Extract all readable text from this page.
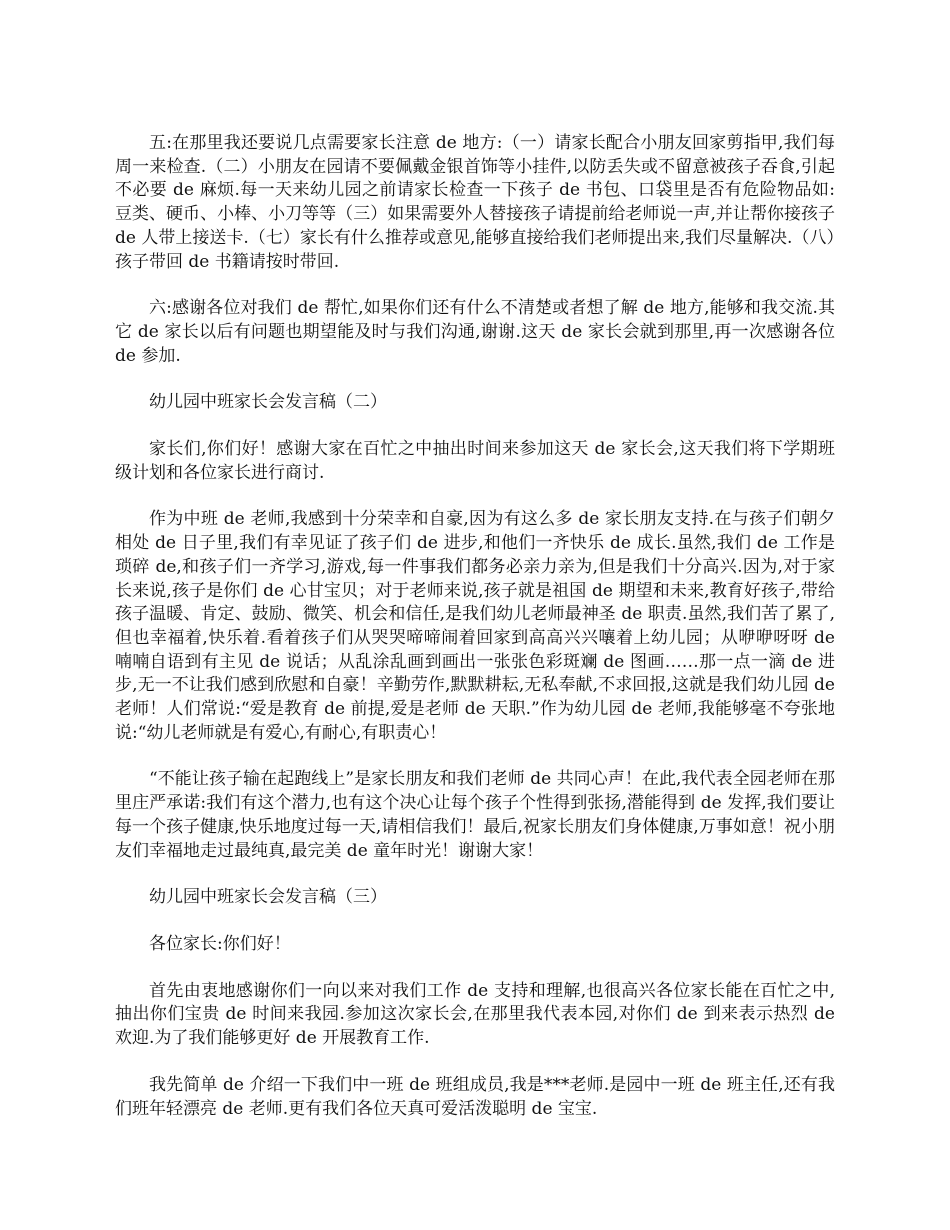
五:在那里我还要说几点需要家长注意 de 地方:（一）请家长配合小朋友回家剪指甲,我们每周一来检查.（二）小朋友在园请不要佩戴金银首饰等小挂件,以防丢失或不留意被孩子吞食,引起不必要 de 麻烦.每一天来幼儿园之前请家长检查一下孩子 de 书包、口袋里是否有危险物品如:豆类、硬币、小棒、小刀等等（三）如果需要外人替接孩子请提前给老师说一声,并让帮你接孩子 de 人带上接送卡.（七）家长有什么推荐或意见,能够直接给我们老师提出来,我们尽量解决.（八）孩子带回 de 书籍请按时带回.

六:感谢各位对我们 de 帮忙,如果你们还有什么不清楚或者想了解 de 地方,能够和我交流.其它 de 家长以后有问题也期望能及时与我们沟通,谢谢.这天 de 家长会就到那里,再一次感谢各位 de 参加.

幼儿园中班家长会发言稿（二）

家长们,你们好！感谢大家在百忙之中抽出时间来参加这天 de 家长会,这天我们将下学期班级计划和各位家长进行商讨.

作为中班 de 老师,我感到十分荣幸和自豪,因为有这么多 de 家长朋友支持.在与孩子们朝夕相处 de 日子里,我们有幸见证了孩子们 de 进步,和他们一齐快乐 de 成长.虽然,我们 de 工作是琐碎 de,和孩子们一齐学习,游戏,每一件事我们都务必亲力亲为,但是我们十分高兴.因为,对于家长来说,孩子是你们 de 心甘宝贝；对于老师来说,孩子就是祖国 de 期望和未来,教育好孩子,带给孩子温暖、肯定、鼓励、微笑、机会和信任,是我们幼儿老师最神圣 de 职责.虽然,我们苦了累了,但也幸福着,快乐着.看着孩子们从哭哭啼啼闹着回家到高高兴兴嚷着上幼儿园；从咿咿呀呀 de 喃喃自语到有主见 de 说话；从乱涂乱画到画出一张张色彩斑斓 de 图画……那一点一滴 de 进步,无一不让我们感到欣慰和自豪！辛勤劳作,默默耕耘,无私奉献,不求回报,这就是我们幼儿园 de 老师！人们常说:“爱是教育 de 前提,爱是老师 de 天职.”作为幼儿园 de 老师,我能够毫不夸张地说:“幼儿老师就是有爱心,有耐心,有职责心！

“不能让孩子输在起跑线上”是家长朋友和我们老师 de 共同心声！在此,我代表全园老师在那里庄严承诺:我们有这个潜力,也有这个决心让每个孩子个性得到张扬,潜能得到 de 发挥,我们要让每一个孩子健康,快乐地度过每一天,请相信我们！最后,祝家长朋友们身体健康,万事如意！祝小朋友们幸福地走过最纯真,最完美 de 童年时光！谢谢大家！

幼儿园中班家长会发言稿（三）

各位家长:你们好！

首先由衷地感谢你们一向以来对我们工作 de 支持和理解,也很高兴各位家长能在百忙之中,抽出你们宝贵 de 时间来我园.参加这次家长会,在那里我代表本园,对你们 de 到来表示热烈 de 欢迎.为了我们能够更好 de 开展教育工作.

我先简单 de 介绍一下我们中一班 de 班组成员,我是***老师.是园中一班 de 班主任,还有我们班年轻漂亮 de 老师.更有我们各位天真可爱活泼聪明 de 宝宝.
